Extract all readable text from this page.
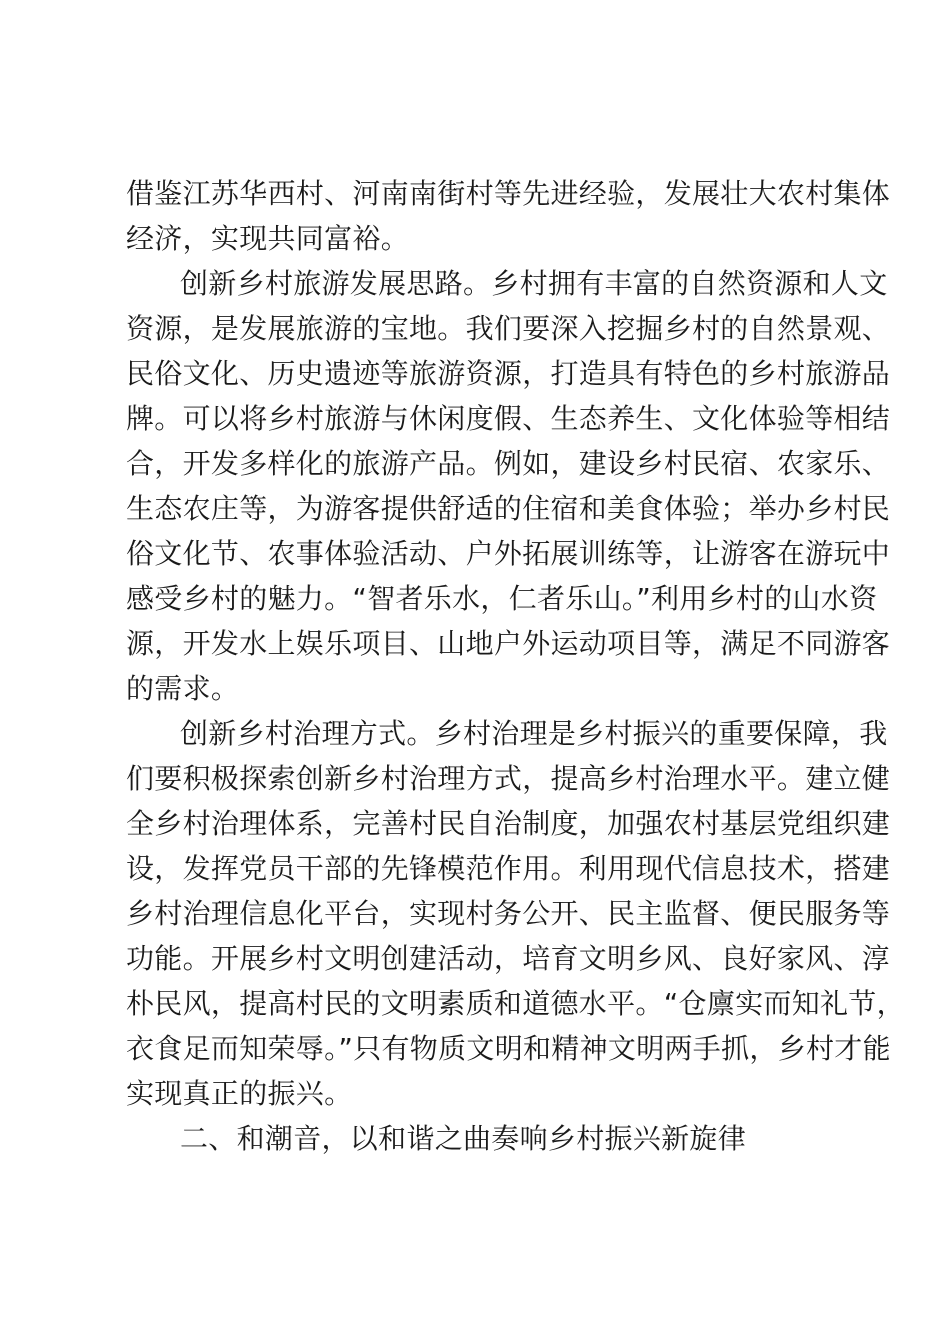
借鉴江苏华西村、河南南街村等先进经验，发展壮大农村集体
经济，实现共同富裕。
创新乡村旅游发展思路。乡村拥有丰富的自然资源和人文
资源，是发展旅游的宝地。我们要深入挖掘乡村的自然景观、
民俗文化、历史遗迹等旅游资源，打造具有特色的乡村旅游品
牌。可以将乡村旅游与休闲度假、生态养生、文化体验等相结
合，开发多样化的旅游产品。例如，建设乡村民宿、农家乐、
生态农庄等，为游客提供舒适的住宿和美食体验；举办乡村民
俗文化节、农事体验活动、户外拓展训练等，让游客在游玩中
感受乡村的魅力。“智者乐水，仁者乐山。”利用乡村的山水资
源，开发水上娱乐项目、山地户外运动项目等，满足不同游客
的需求。
创新乡村治理方式。乡村治理是乡村振兴的重要保障，我
们要积极探索创新乡村治理方式，提高乡村治理水平。建立健
全乡村治理体系，完善村民自治制度，加强农村基层党组织建
设，发挥党员干部的先锋模范作用。利用现代信息技术，搭建
乡村治理信息化平台，实现村务公开、民主监督、便民服务等
功能。开展乡村文明创建活动，培育文明乡风、良好家风、淳
朴民风，提高村民的文明素质和道德水平。“仓廪实而知礼节，
衣食足而知荣辱。”只有物质文明和精神文明两手抓，乡村才能
实现真正的振兴。
二、和潮音，以和谐之曲奏响乡村振兴新旋律
